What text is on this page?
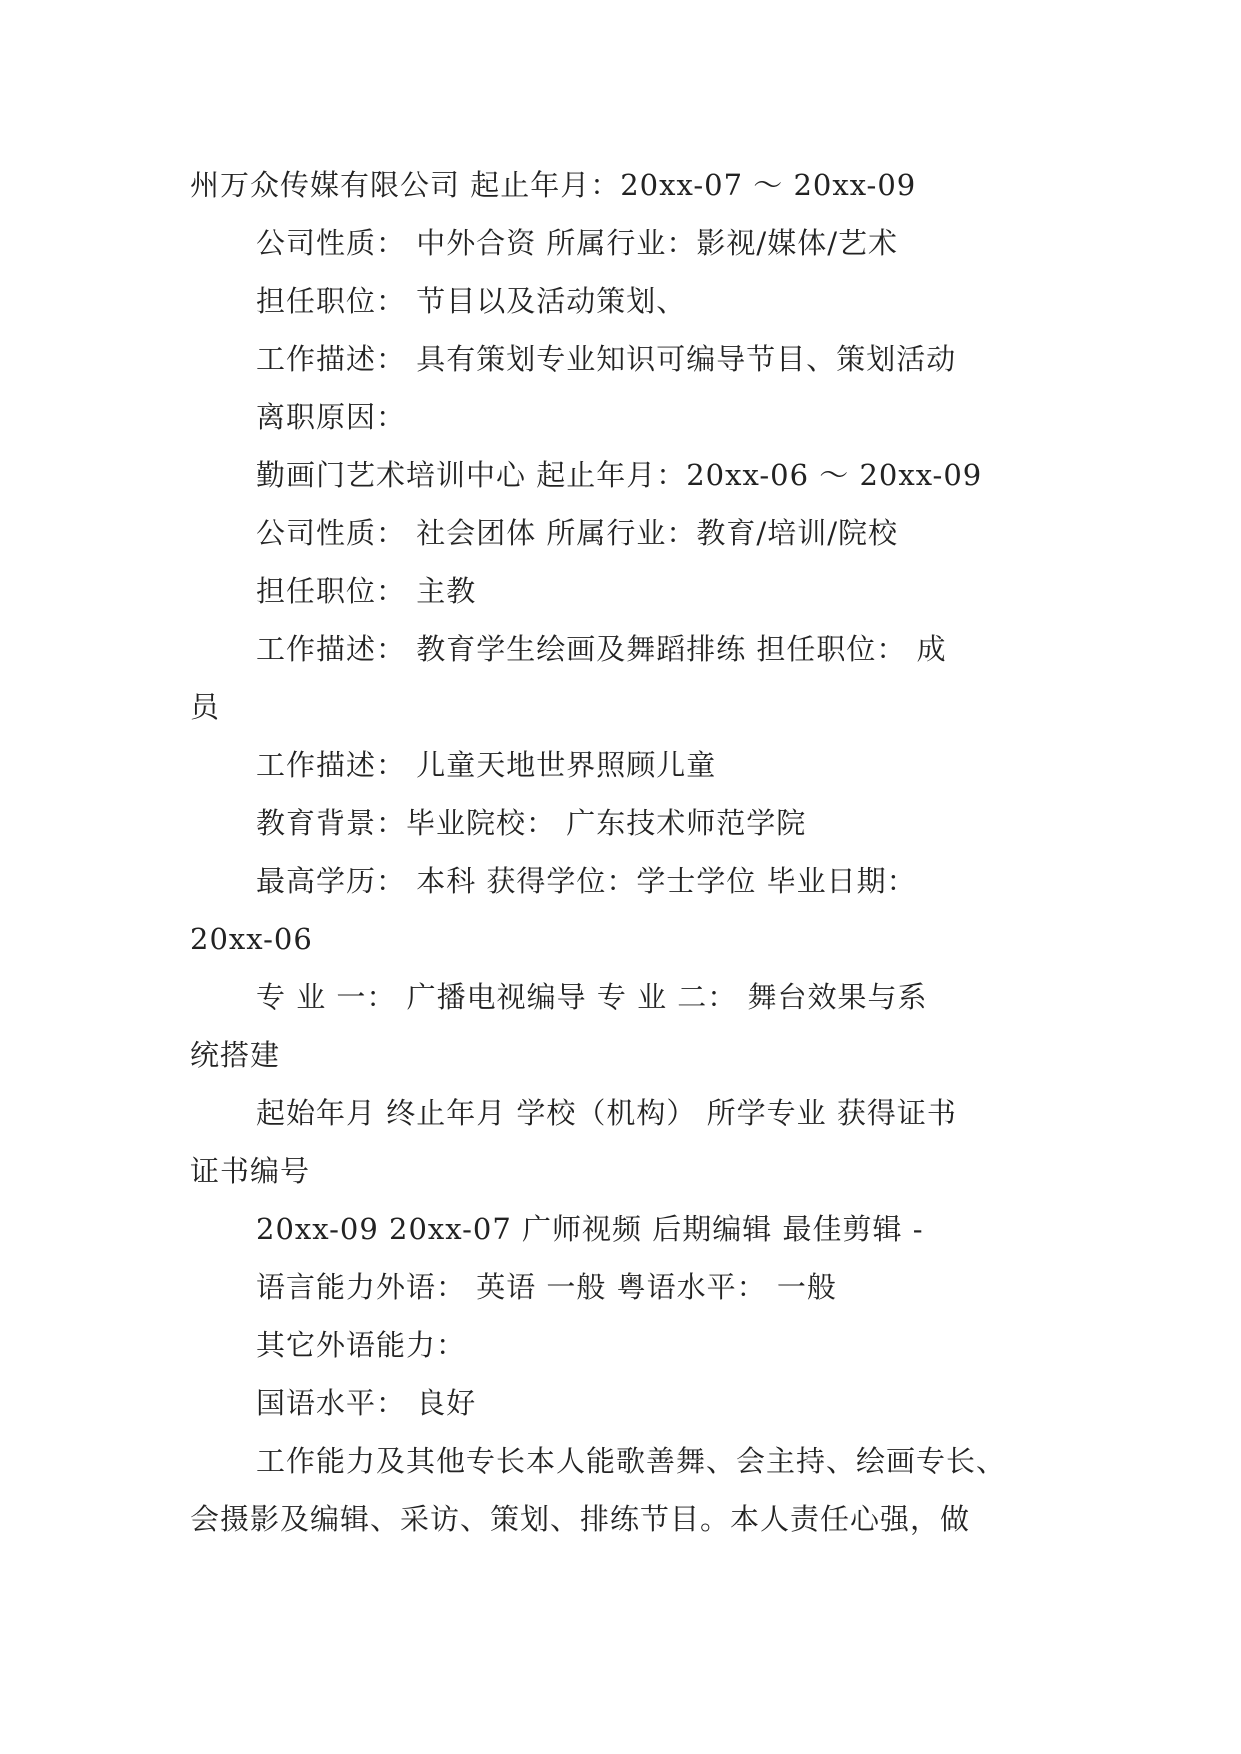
州万众传媒有限公司 起止年月：20xx-07 ～ 20xx-09
公司性质： 中外合资 所属行业：影视/媒体/艺术
担任职位： 节目以及活动策划、
工作描述： 具有策划专业知识可编导节目、策划活动
离职原因：
勤画门艺术培训中心 起止年月：20xx-06 ～ 20xx-09
公司性质： 社会团体 所属行业：教育/培训/院校
担任职位： 主教
工作描述： 教育学生绘画及舞蹈排练 担任职位： 成
员
工作描述： 儿童天地世界照顾儿童
教育背景：毕业院校： 广东技术师范学院
最高学历： 本科 获得学位：学士学位 毕业日期：
20xx-06
专 业 一： 广播电视编导 专 业 二： 舞台效果与系
统搭建
起始年月 终止年月 学校（机构） 所学专业 获得证书
证书编号
20xx-09 20xx-07 广师视频 后期编辑 最佳剪辑 -
语言能力外语： 英语 一般 粤语水平： 一般
其它外语能力：
国语水平： 良好
工作能力及其他专长本人能歌善舞、会主持、绘画专长、
会摄影及编辑、采访、策划、排练节目。本人责任心强，做
